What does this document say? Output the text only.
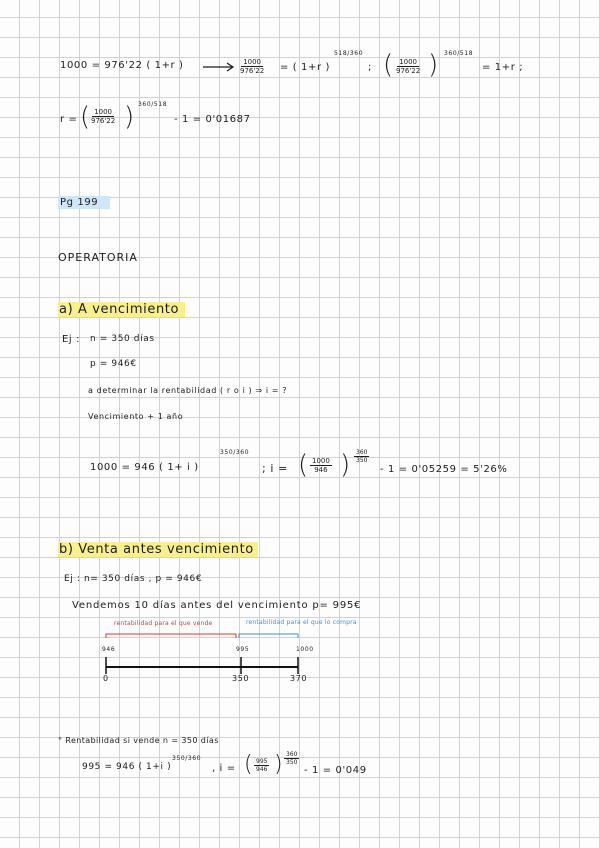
1000 = 976'22 ( 1+r )	$\frac{1000}{976'22}$ = ( 1+r )
518/360
; ( $\frac{1000}{976'22}$ ) 360/518
= 1+r ;
r = ( $\frac{1000}{976'22}$ ) 360/518
- 1 = 0'01687
Pg 199
OPERATORIA
a) A vencimiento
Ej : n = 350 días
p = 946€
a determinar la rentabilidad ( r o i ) ⇒ i = ?
Vencimiento + 1 año
1000 = 946 ( 1+ i )
350/360
; i = ( $\frac{1000}{946}$ ) $\frac{360}{350}$
- 1 = 0'05259 = 5'26%
b) Venta antes vencimiento
Ej : n= 350 días , p = 946€
Vendemos 10 días antes del vencimiento p= 995€
rentabilidad para el que vende	rentabilidad para el que lo compra
946	995	1000
0	350	370
° Rentabilidad si vende n = 350 días
995 = 946 ( 1+i )
350/360
, i = ( $\frac{995}{946}$ ) $\frac{360}{350}$
- 1 = 0'049
